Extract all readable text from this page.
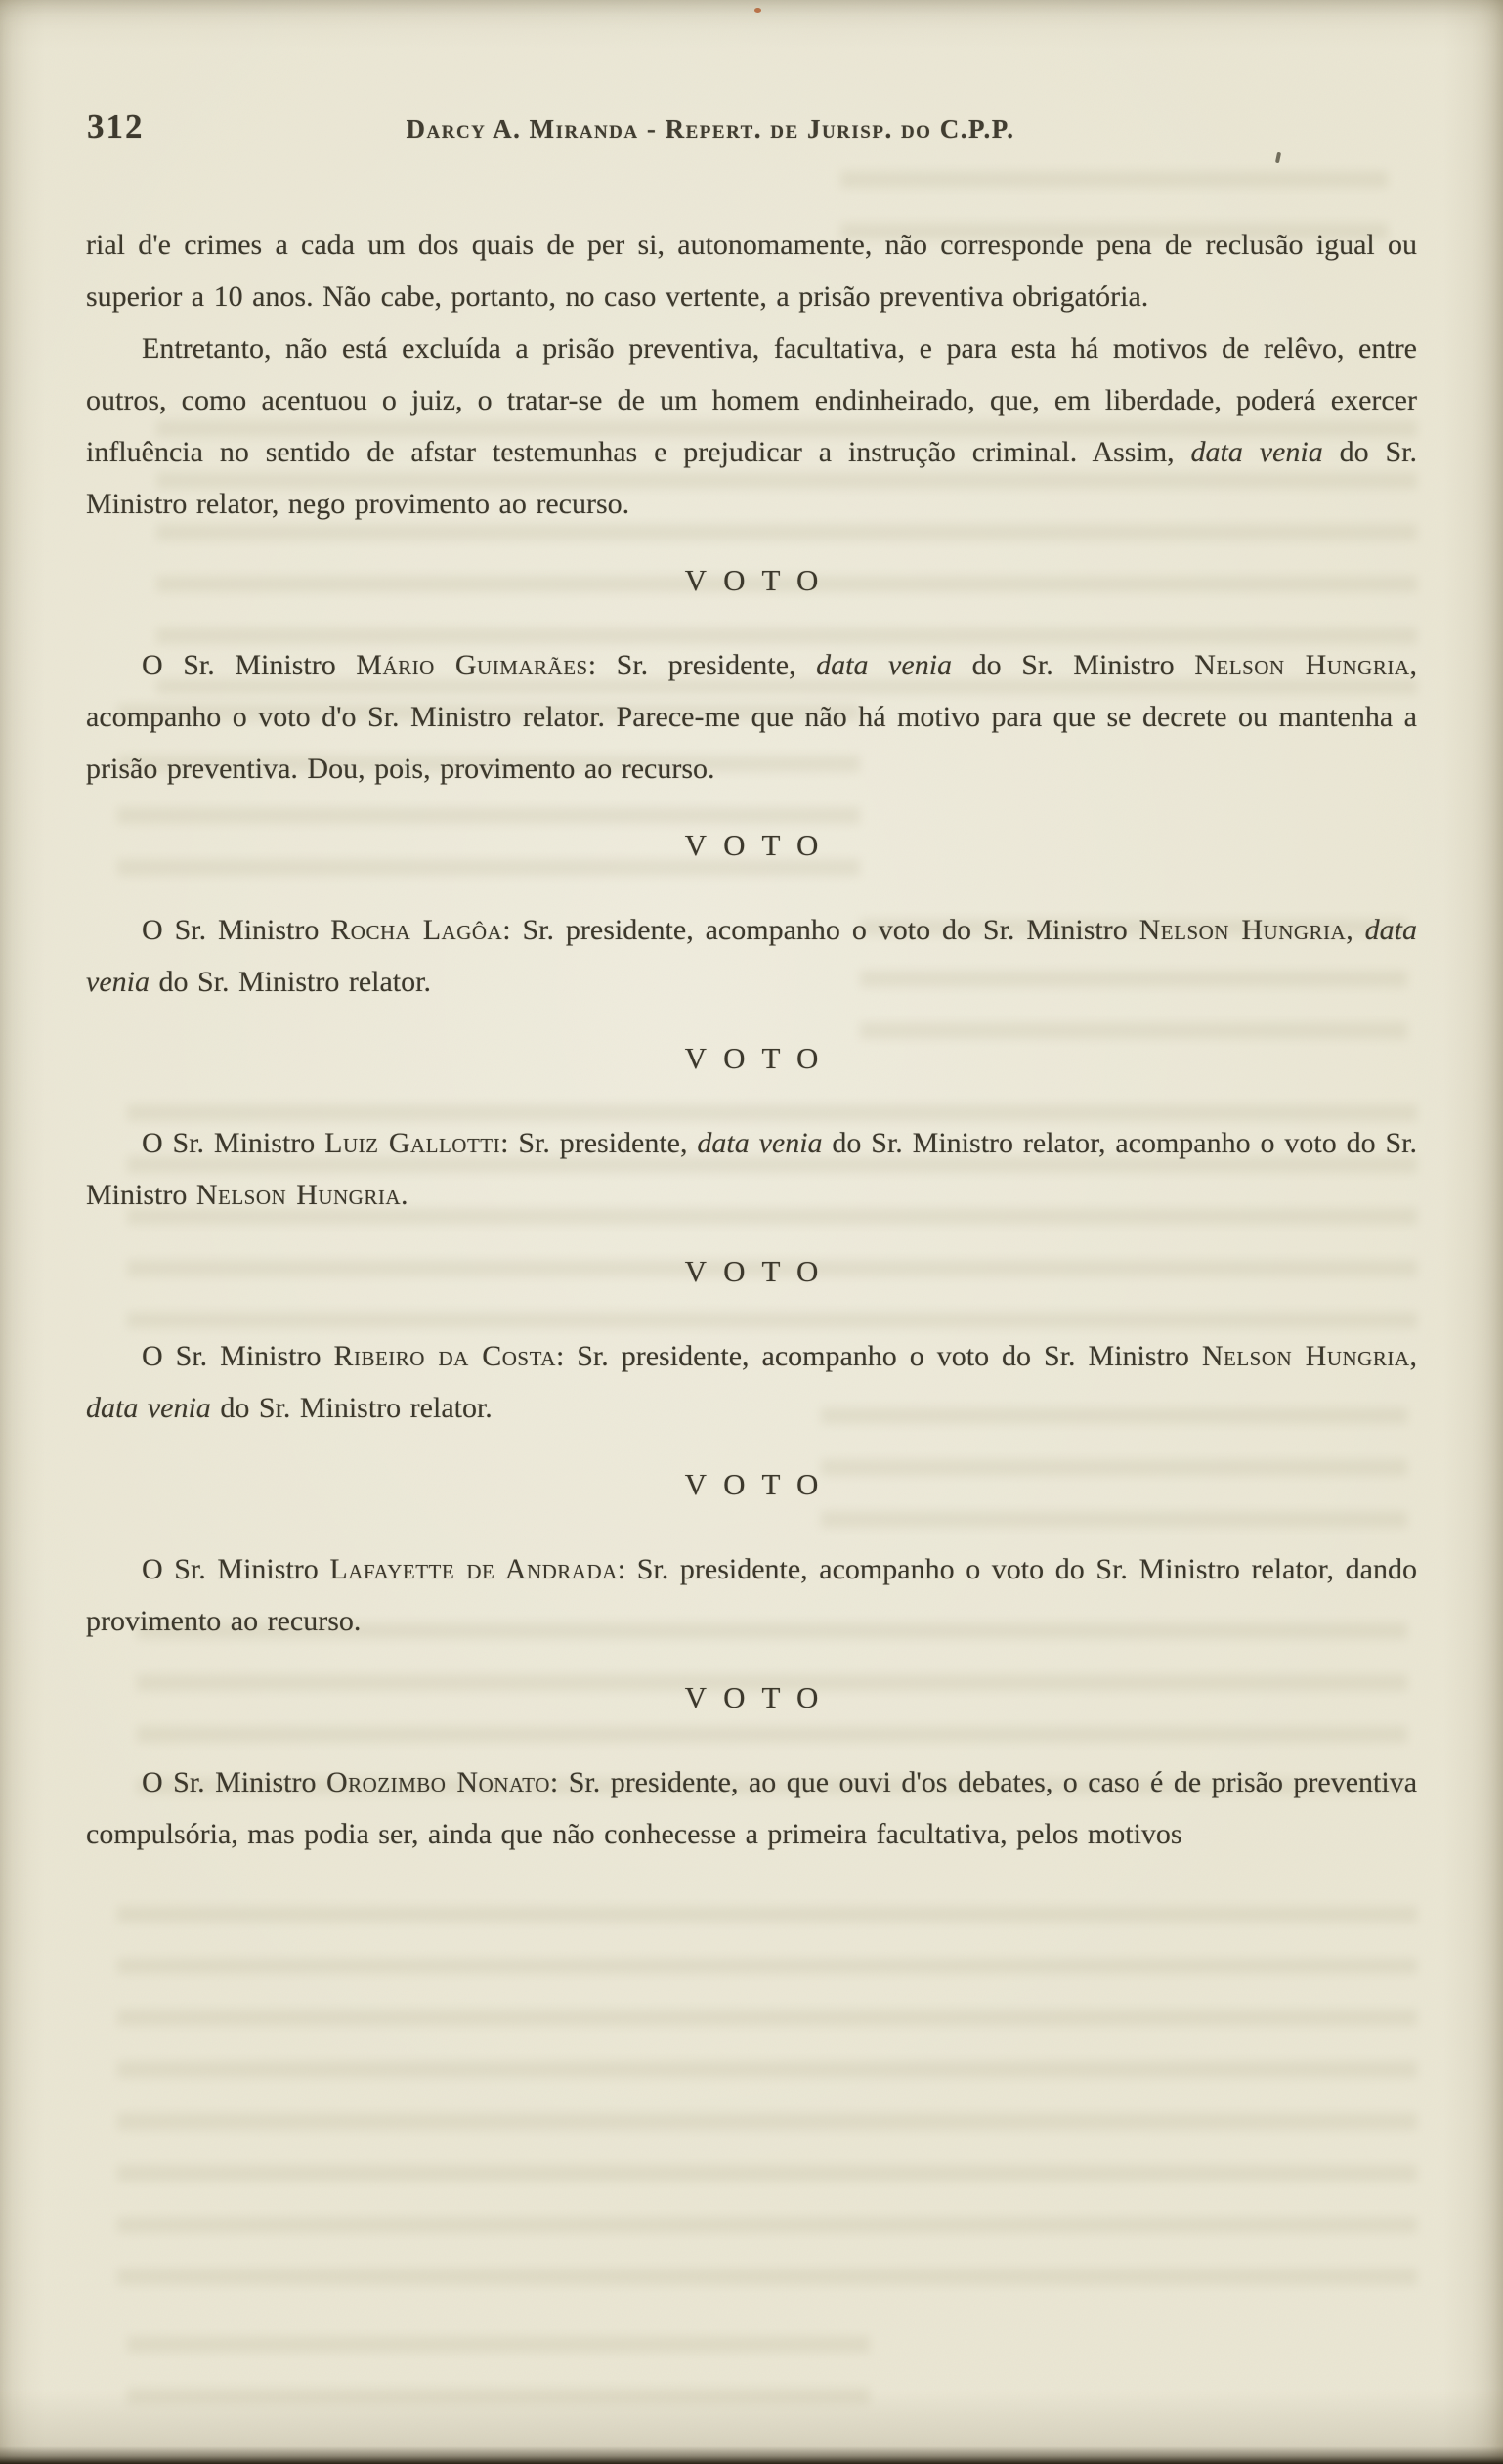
312	Darcy A. Miranda - Repert. de Jurisp. do C.P.P.

rial d'e crimes a cada um dos quais de per si, autonomamente, não corresponde pena de reclusão igual ou superior a 10 anos. Não cabe, portanto, no caso vertente, a prisão preventiva obrigatória.

Entretanto, não está excluída a prisão preventiva, facultativa, e para esta há motivos de relêvo, entre outros, como acentuou o juiz, o tratar-se de um homem endinheirado, que, em liberdade, poderá exercer influência no sentido de afstar testemunhas e prejudicar a instrução criminal. Assim, data venia do Sr. Ministro relator, nego provimento ao recurso.

VOTO

O Sr. Ministro Mário Guimarães: Sr. presidente, data venia do Sr. Ministro Nelson Hungria, acompanho o voto d'o Sr. Ministro relator. Parece-me que não há motivo para que se decrete ou mantenha a prisão preventiva. Dou, pois, provimento ao recurso.

VOTO

O Sr. Ministro Rocha Lagôa: Sr. presidente, acompanho o voto do Sr. Ministro Nelson Hungria, data venia do Sr. Ministro relator.

VOTO

O Sr. Ministro Luiz Gallotti: Sr. presidente, data venia do Sr. Ministro relator, acompanho o voto do Sr. Ministro Nelson Hungria.

VOTO

O Sr. Ministro Ribeiro da Costa: Sr. presidente, acompanho o voto do Sr. Ministro Nelson Hungria, data venia do Sr. Ministro relator.

VOTO

O Sr. Ministro Lafayette de Andrada: Sr. presidente, acompanho o voto do Sr. Ministro relator, dando provimento ao recurso.

VOTO

O Sr. Ministro Orozimbo Nonato: Sr. presidente, ao que ouvi d'os debates, o caso é de prisão preventiva compulsória, mas podia ser, ainda que não conhecesse a primeira facultativa, pelos motivos
